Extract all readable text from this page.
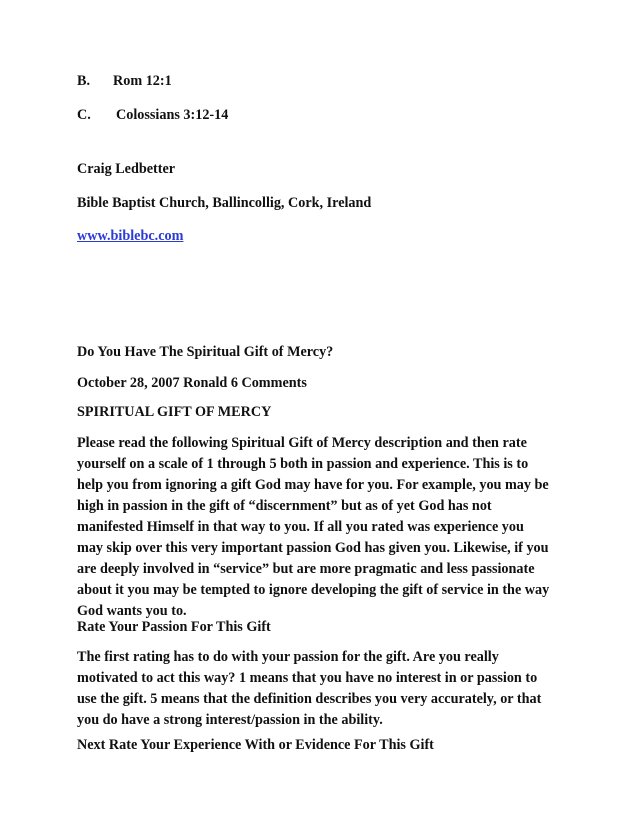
B. Rom 12:1
C. Colossians 3:12-14
Craig Ledbetter
Bible Baptist Church, Ballincollig, Cork, Ireland
www.biblebc.com
Do You Have The Spiritual Gift of Mercy?
October 28, 2007 Ronald 6 Comments
SPIRITUAL GIFT OF MERCY
Please read the following Spiritual Gift of Mercy description and then rate
yourself on a scale of 1 through 5 both in passion and experience. This is to
help you from ignoring a gift God may have for you. For example, you may be
high in passion in the gift of “discernment” but as of yet God has not
manifested Himself in that way to you. If all you rated was experience you
may skip over this very important passion God has given you. Likewise, if you
are deeply involved in “service” but are more pragmatic and less passionate
about it you may be tempted to ignore developing the gift of service in the way
God wants you to.
Rate Your Passion For This Gift
The first rating has to do with your passion for the gift. Are you really
motivated to act this way? 1 means that you have no interest in or passion to
use the gift. 5 means that the definition describes you very accurately, or that
you do have a strong interest/passion in the ability.
Next Rate Your Experience With or Evidence For This Gift
